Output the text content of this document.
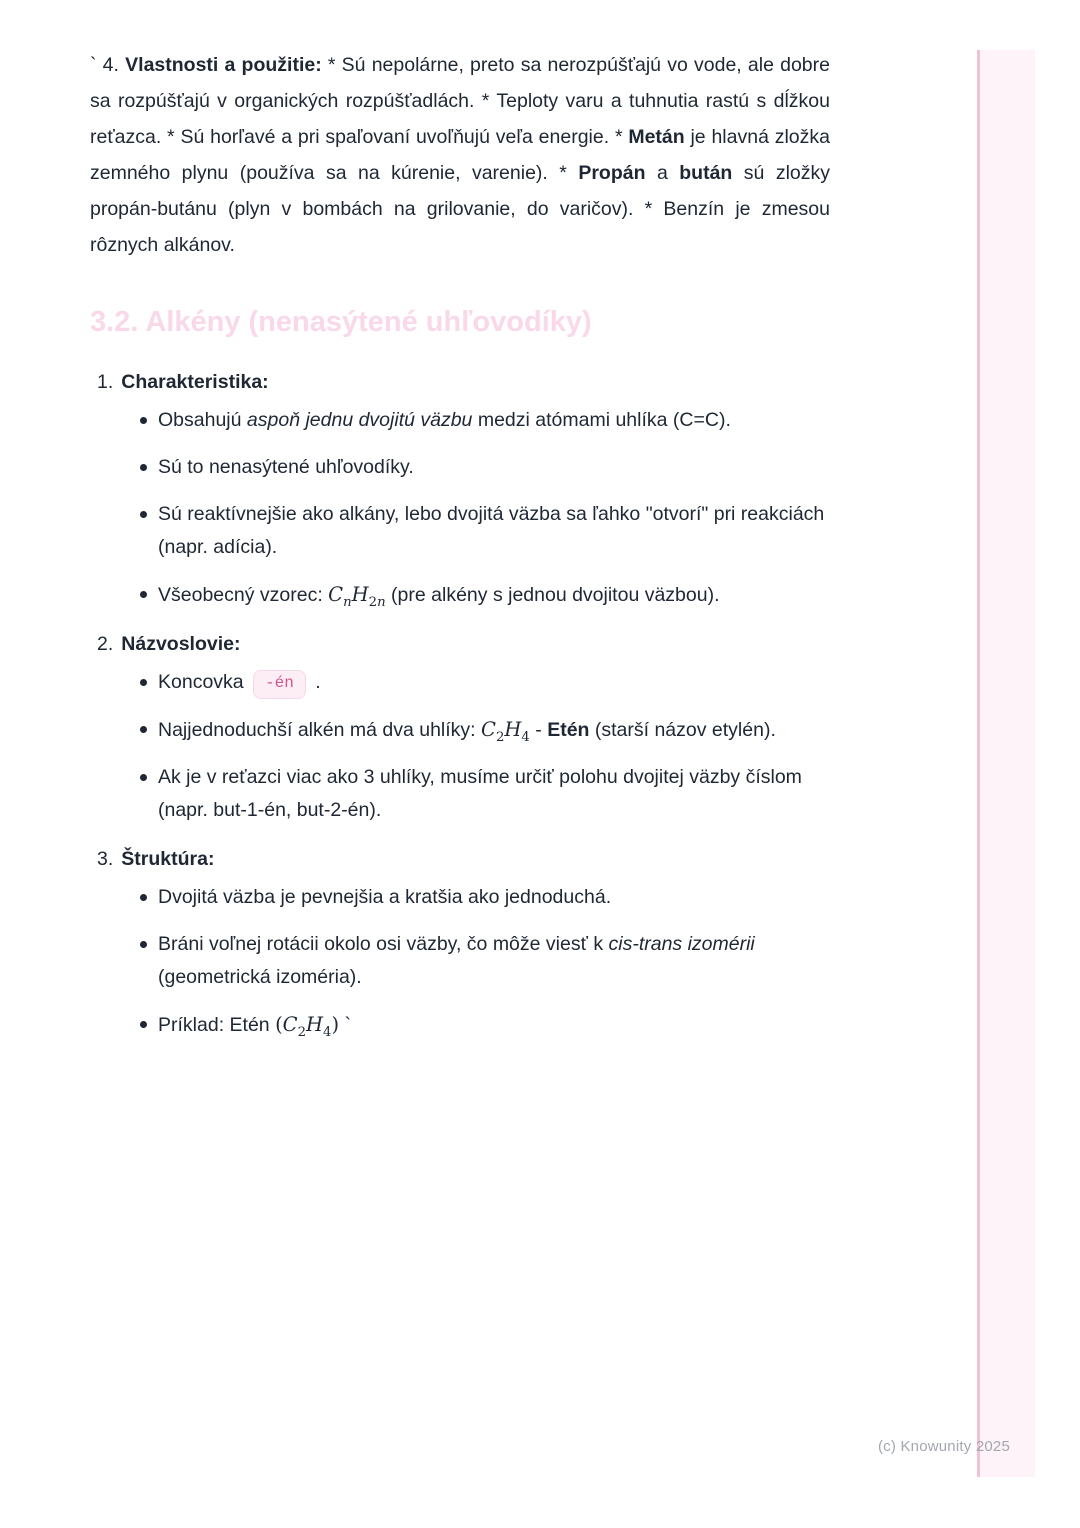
` 4. Vlastnosti a použitie: * Sú nepolárne, preto sa nerozpúšťajú vo vode, ale dobre sa rozpúšťajú v organických rozpúšťadlách. * Teploty varu a tuhnutia rastú s dĺžkou reťazca. * Sú horľavé a pri spaľovaní uvoľňujú veľa energie. * Metán je hlavná zložka zemného plynu (používa sa na kúrenie, varenie). * Propán a bután sú zložky propán-butánu (plyn v bombách na grilovanie, do varičov). * Benzín je zmesou rôznych alkánov.

3.2. Alkény (nenasýtené uhľovodíky)
1. Charakteristika:
Obsahujú aspoň jednu dvojitú väzbu medzi atómami uhlíka (C=C).
Sú to nenasýtené uhľovodíky.
Sú reaktívnejšie ako alkány, lebo dvojitá väzba sa ľahko "otvorí" pri reakciách (napr. adícia).
Všeobecný vzorec: $C_nH_{2n}$ (pre alkény s jednou dvojitou väzbou).
2. Názvoslovie:
Koncovka -én .
Najjednoduchší alkén má dva uhlíky: $C_2H_4$ - Etén (starší názov etylén).
Ak je v reťazci viac ako 3 uhlíky, musíme určiť polohu dvojitej väzby číslom (napr. but-1-én, but-2-én).
3. Štruktúra:
Dvojitá väzba je pevnejšia a kratšia ako jednoduchá.
Bráni voľnej rotácii okolo osi väzby, čo môže viesť k cis-trans izomérii (geometrická izoméria).
Príklad: Etén $(C_2H_4)$ `
(c) Knowunity 2025
